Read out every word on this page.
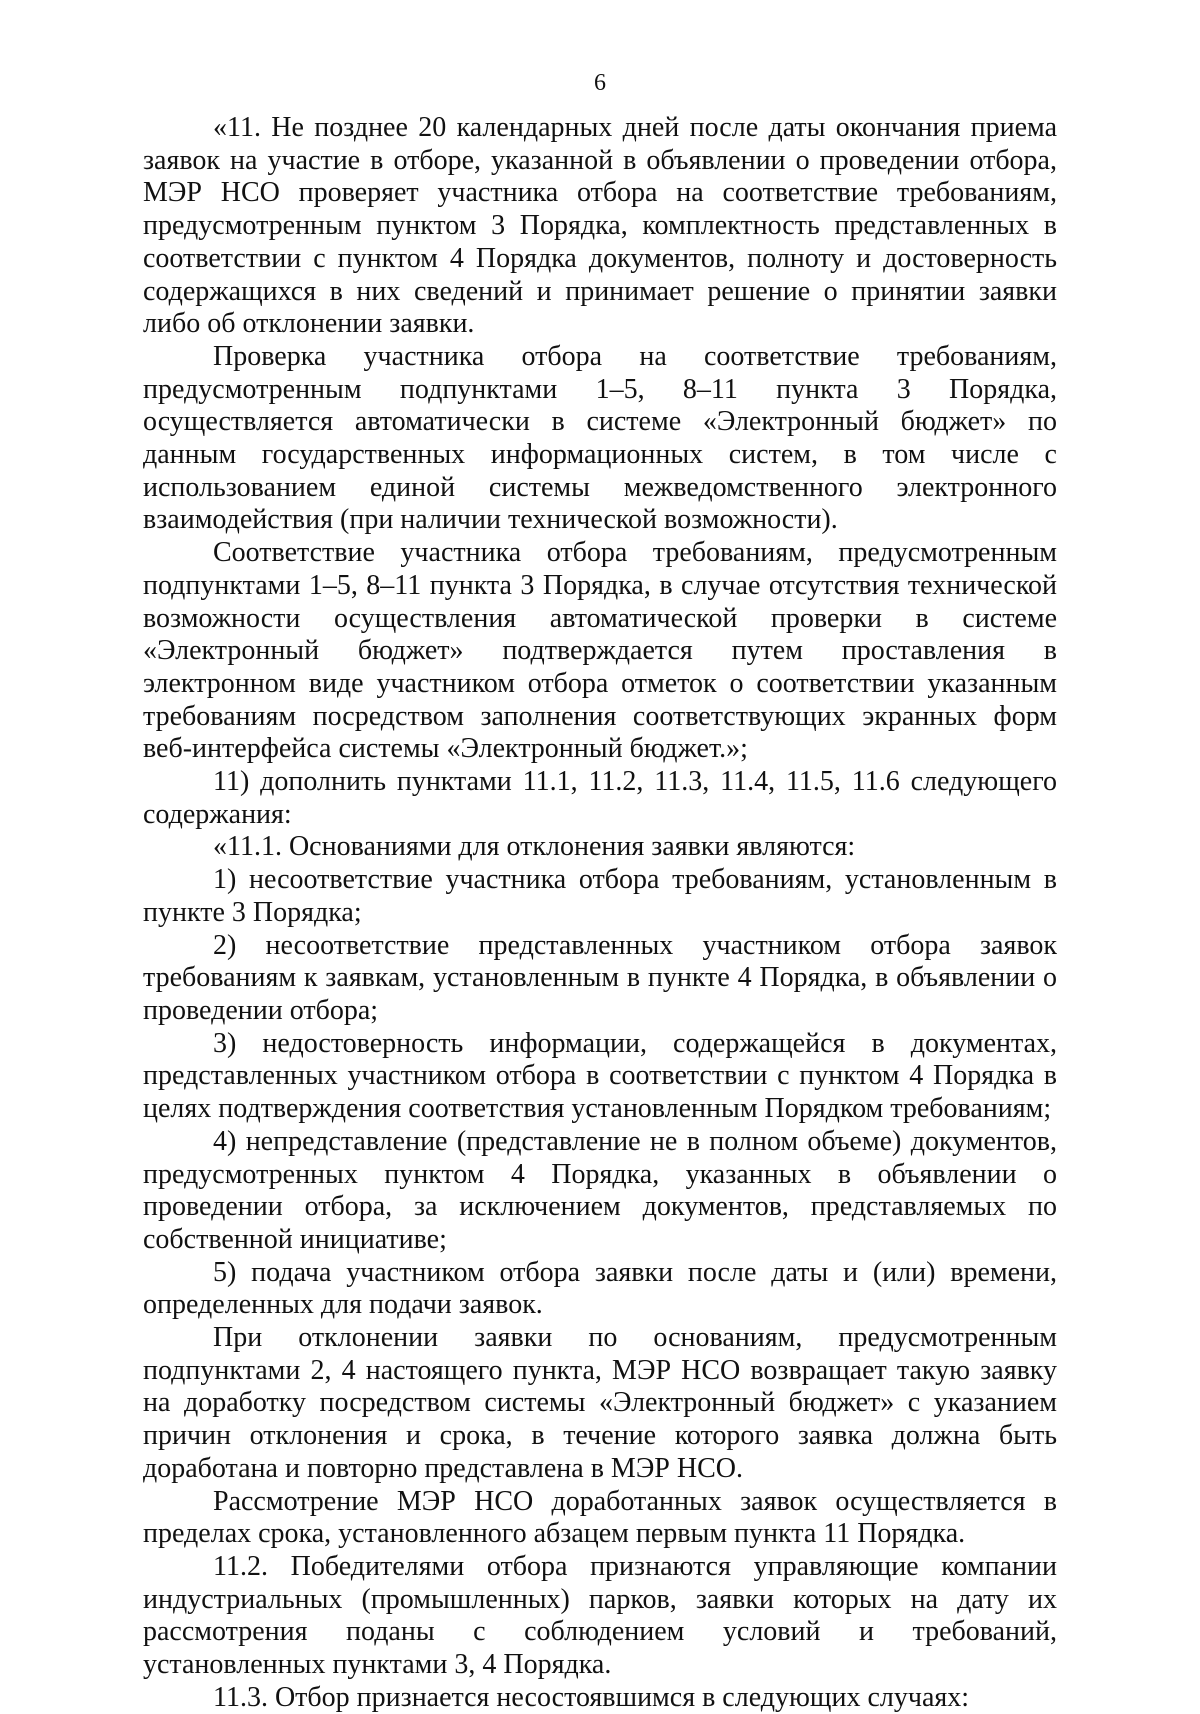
6

«11. Не позднее 20 календарных дней после даты окончания приема заявок на участие в отборе, указанной в объявлении о проведении отбора, МЭР НСО проверяет участника отбора на соответствие требованиям, предусмотренным пунктом 3 Порядка, комплектность представленных в соответствии с пунктом 4 Порядка документов, полноту и достоверность содержащихся в них сведений и принимает решение о принятии заявки либо об отклонении заявки.

Проверка участника отбора на соответствие требованиям, предусмотренным подпунктами 1–5, 8–11 пункта 3 Порядка, осуществляется автоматически в системе «Электронный бюджет» по данным государственных информационных систем, в том числе с использованием единой системы межведомственного электронного взаимодействия (при наличии технической возможности).

Соответствие участника отбора требованиям, предусмотренным подпунктами 1–5, 8–11 пункта 3 Порядка, в случае отсутствия технической возможности осуществления автоматической проверки в системе «Электронный бюджет» подтверждается путем проставления в электронном виде участником отбора отметок о соответствии указанным требованиям посредством заполнения соответствующих экранных форм веб-интерфейса системы «Электронный бюджет.»;

11) дополнить пунктами 11.1, 11.2, 11.3, 11.4, 11.5, 11.6 следующего содержания:

«11.1. Основаниями для отклонения заявки являются:

1) несоответствие участника отбора требованиям, установленным в пункте 3 Порядка;

2) несоответствие представленных участником отбора заявок требованиям к заявкам, установленным в пункте 4 Порядка, в объявлении о проведении отбора;

3) недостоверность информации, содержащейся в документах, представленных участником отбора в соответствии с пунктом 4 Порядка в целях подтверждения соответствия установленным Порядком требованиям;

4) непредставление (представление не в полном объеме) документов, предусмотренных пунктом 4 Порядка, указанных в объявлении о проведении отбора, за исключением документов, представляемых по собственной инициативе;

5) подача участником отбора заявки после даты и (или) времени, определенных для подачи заявок.

При отклонении заявки по основаниям, предусмотренным подпунктами 2, 4 настоящего пункта, МЭР НСО возвращает такую заявку на доработку посредством системы «Электронный бюджет» с указанием причин отклонения и срока, в течение которого заявка должна быть доработана и повторно представлена в МЭР НСО.

Рассмотрение МЭР НСО доработанных заявок осуществляется в пределах срока, установленного абзацем первым пункта 11 Порядка.

11.2. Победителями отбора признаются управляющие компании индустриальных (промышленных) парков, заявки которых на дату их рассмотрения поданы с соблюдением условий и требований, установленных пунктами 3, 4 Порядка.

11.3. Отбор признается несостоявшимся в следующих случаях:
